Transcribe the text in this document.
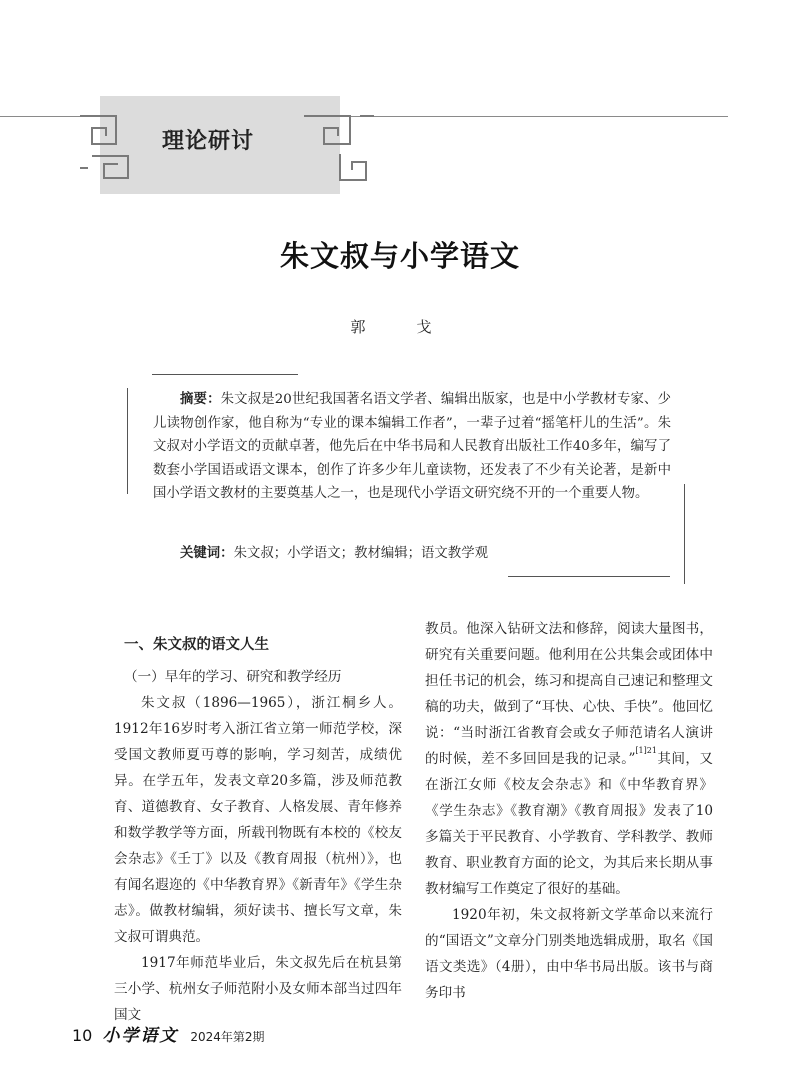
理论研讨
朱文叔与小学语文
郭　戈
摘要：朱文叔是20世纪我国著名语文学者、编辑出版家，也是中小学教材专家、少儿读物创作家，他自称为“专业的课本编辑工作者”，一辈子过着“摇笔杆儿的生活”。朱文叔对小学语文的贡献卓著，他先后在中华书局和人民教育出版社工作40多年，编写了数套小学国语或语文课本，创作了许多少年儿童读物，还发表了不少有关论著，是新中国小学语文教材的主要奠基人之一，也是现代小学语文研究绕不开的一个重要人物。
关键词：朱文叔；小学语文；教材编辑；语文教学观

一、朱文叔的语文人生

（一）早年的学习、研究和教学经历

朱文叔（1896—1965），浙江桐乡人。1912年16岁时考入浙江省立第一师范学校，深受国文教师夏丏尊的影响，学习刻苦，成绩优异。在学五年，发表文章20多篇，涉及师范教育、道德教育、女子教育、人格发展、青年修养和数学教学等方面，所载刊物既有本校的《校友会杂志》《壬丁》以及《教育周报（杭州）》，也有闻名遐迩的《中华教育界》《新青年》《学生杂志》。做教材编辑，须好读书、擅长写文章，朱文叔可谓典范。

1917年师范毕业后，朱文叔先后在杭县第三小学、杭州女子师范附小及女师本部当过四年国文

教员。他深入钻研文法和修辞，阅读大量图书，研究有关重要问题。他利用在公共集会或团体中担任书记的机会，练习和提高自己速记和整理文稿的功夫，做到了“耳快、心快、手快”。他回忆说：“当时浙江省教育会或女子师范请名人演讲的时候，差不多回回是我的记录。”$^{[1]21}$其间，又在浙江女师《校友会杂志》和《中华教育界》《学生杂志》《教育潮》《教育周报》发表了10多篇关于平民教育、小学教育、学科教学、教师教育、职业教育方面的论文，为其后来长期从事教材编写工作奠定了很好的基础。

1920年初，朱文叔将新文学革命以来流行的“国语文”文章分门别类地选辑成册，取名《国语文类选》（4册），由中华书局出版。该书与商务印书

10 小学语文 2024年第2期
